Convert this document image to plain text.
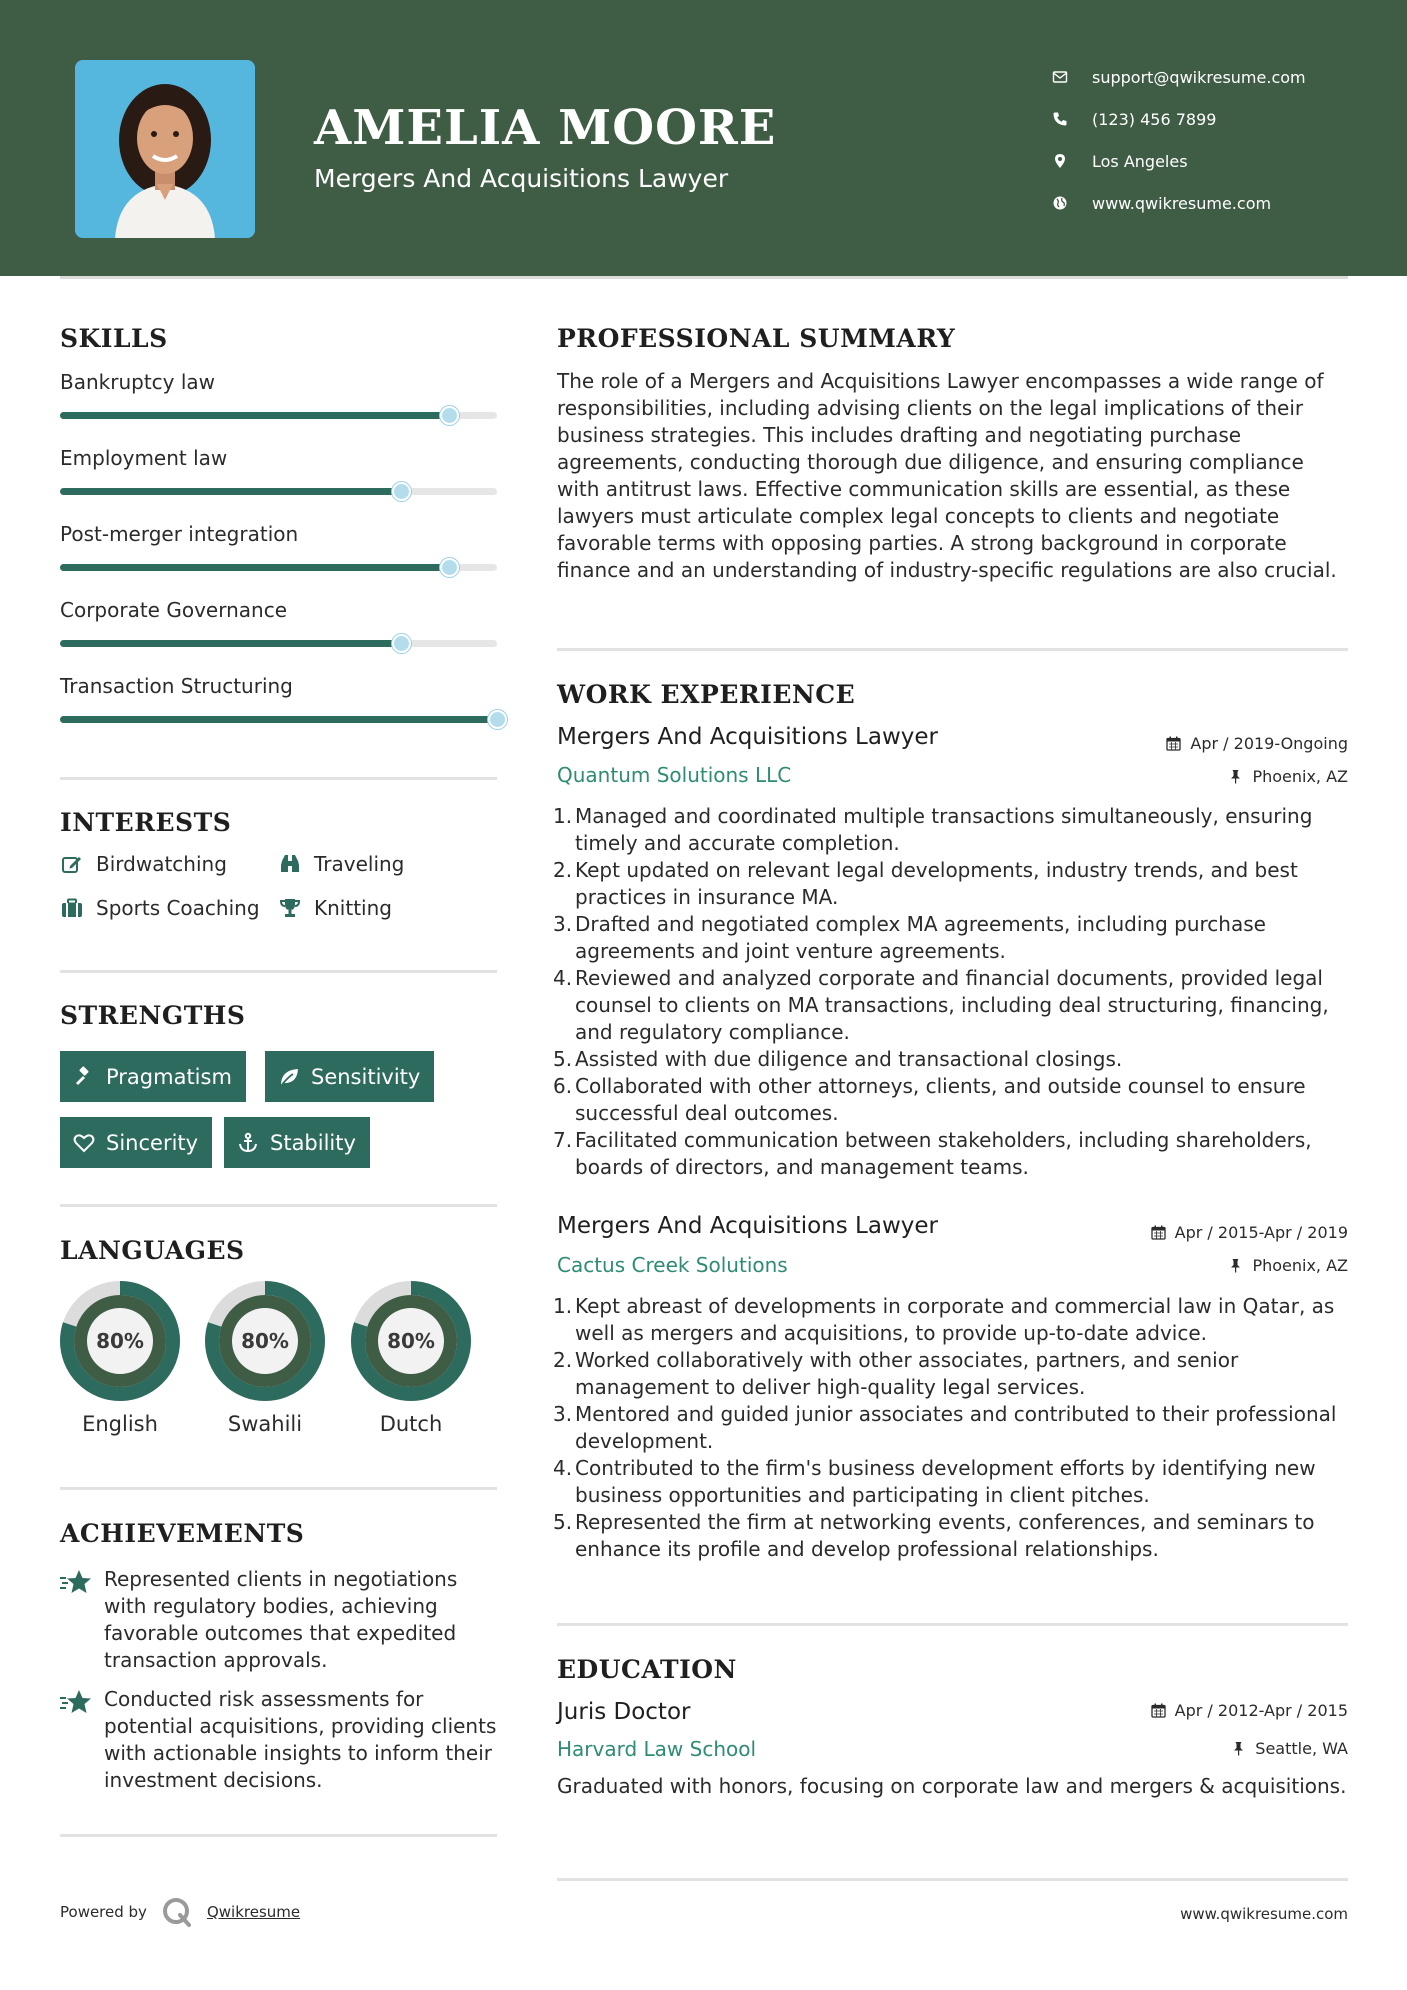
AMELIA MOORE
Mergers And Acquisitions Lawyer
support@qwikresume.com
(123) 456 7899
Los Angeles
www.qwikresume.com
SKILLS
Bankruptcy law
Employment law
Post-merger integration
Corporate Governance
Transaction Structuring
INTERESTS
Birdwatching	Traveling
Sports Coaching	Knitting
STRENGTHS
Pragmatism	Sensitivity
Sincerity	Stability
LANGUAGES
80%
English
80%
Swahili
80%
Dutch
ACHIEVEMENTS
Represented clients in negotiations with regulatory bodies, achieving favorable outcomes that expedited transaction approvals.
Conducted risk assessments for potential acquisitions, providing clients with actionable insights to inform their investment decisions.
PROFESSIONAL SUMMARY
The role of a Mergers and Acquisitions Lawyer encompasses a wide range of responsibilities, including advising clients on the legal implications of their business strategies. This includes drafting and negotiating purchase agreements, conducting thorough due diligence, and ensuring compliance with antitrust laws. Effective communication skills are essential, as these lawyers must articulate complex legal concepts to clients and negotiate favorable terms with opposing parties. A strong background in corporate finance and an understanding of industry-specific regulations are also crucial.
WORK EXPERIENCE
Mergers And Acquisitions Lawyer	Apr / 2019-Ongoing
Quantum Solutions LLC	Phoenix, AZ
1. Managed and coordinated multiple transactions simultaneously, ensuring timely and accurate completion.
2. Kept updated on relevant legal developments, industry trends, and best practices in insurance MA.
3. Drafted and negotiated complex MA agreements, including purchase agreements and joint venture agreements.
4. Reviewed and analyzed corporate and financial documents, provided legal counsel to clients on MA transactions, including deal structuring, financing, and regulatory compliance.
5. Assisted with due diligence and transactional closings.
6. Collaborated with other attorneys, clients, and outside counsel to ensure successful deal outcomes.
7. Facilitated communication between stakeholders, including shareholders, boards of directors, and management teams.
Mergers And Acquisitions Lawyer	Apr / 2015-Apr / 2019
Cactus Creek Solutions	Phoenix, AZ
1. Kept abreast of developments in corporate and commercial law in Qatar, as well as mergers and acquisitions, to provide up-to-date advice.
2. Worked collaboratively with other associates, partners, and senior management to deliver high-quality legal services.
3. Mentored and guided junior associates and contributed to their professional development.
4. Contributed to the firm's business development efforts by identifying new business opportunities and participating in client pitches.
5. Represented the firm at networking events, conferences, and seminars to enhance its profile and develop professional relationships.
EDUCATION
Juris Doctor	Apr / 2012-Apr / 2015
Harvard Law School	Seattle, WA
Graduated with honors, focusing on corporate law and mergers & acquisitions.
Powered by	Qwikresume	www.qwikresume.com
